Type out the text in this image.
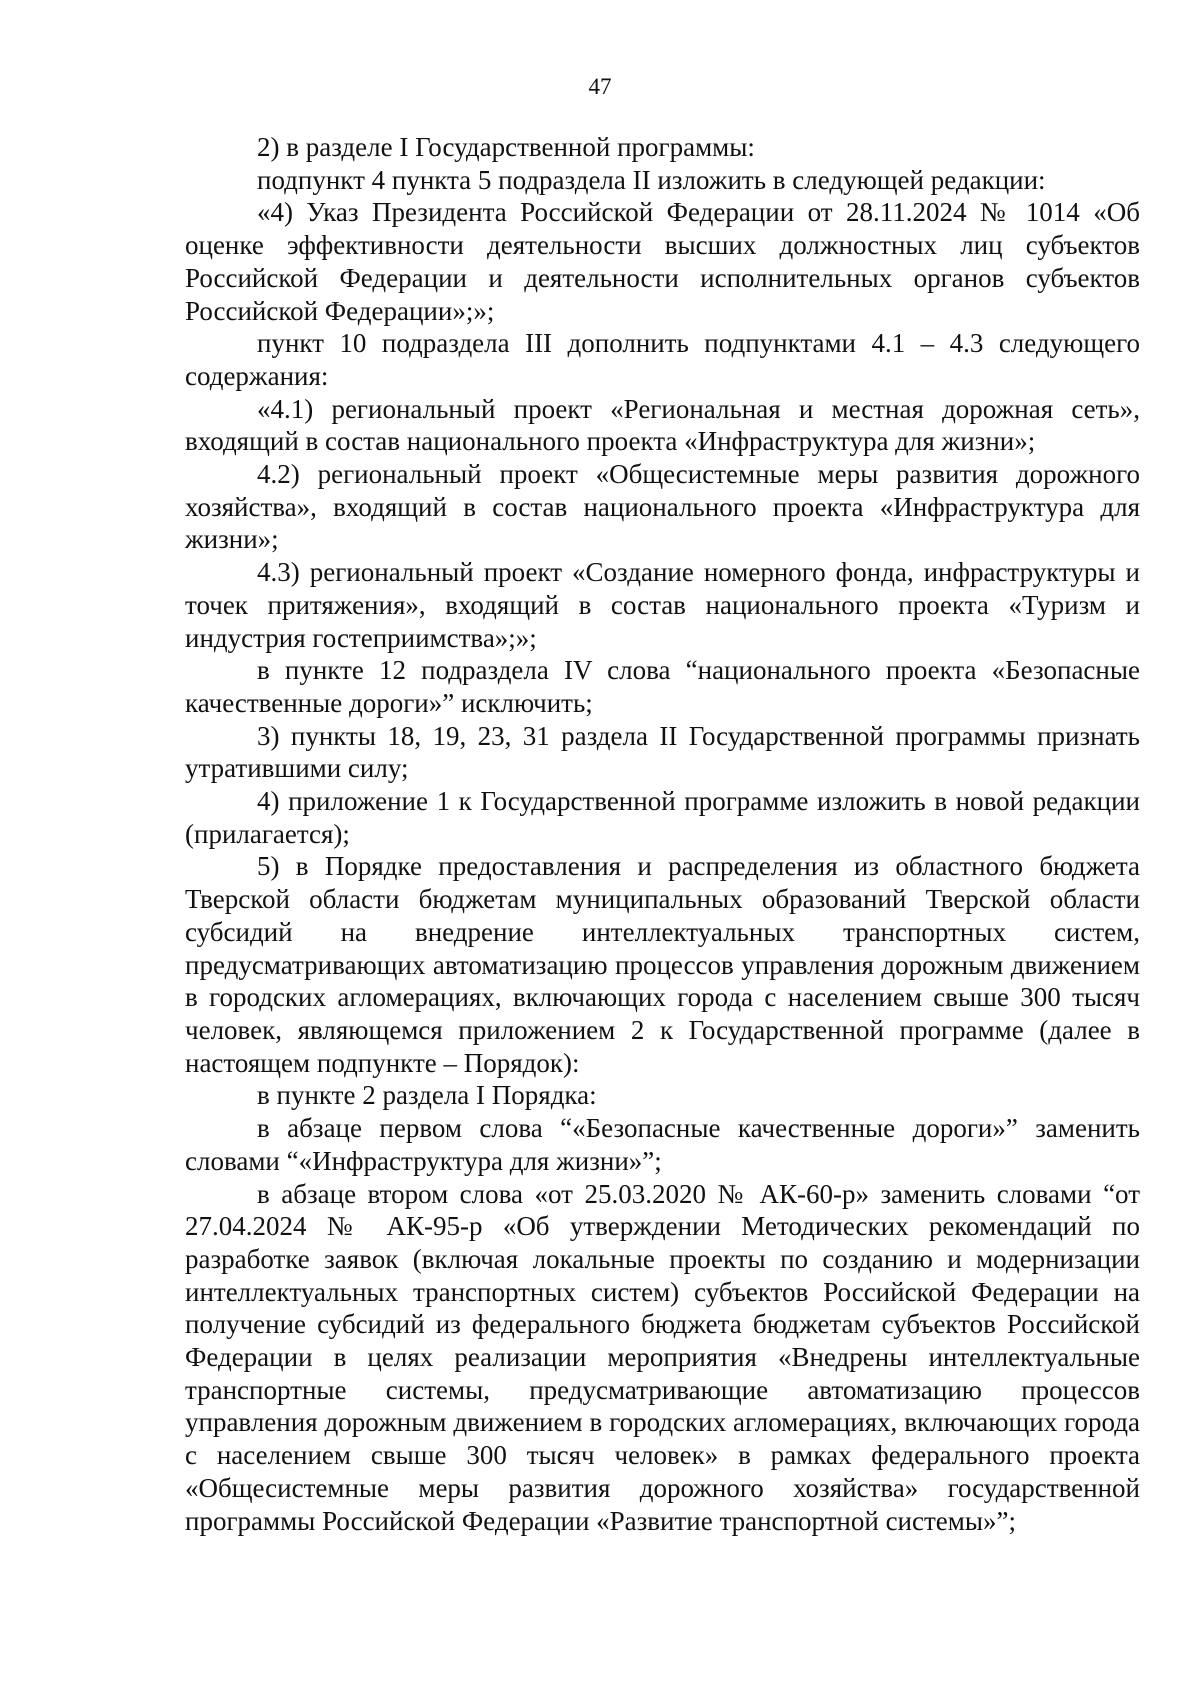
47

2) в разделе I Государственной программы:

подпункт 4 пункта 5 подраздела II изложить в следующей редакции:

«4) Указ Президента Российской Федерации от 28.11.2024 № 1014 «Об оценке эффективности деятельности высших должностных лиц субъектов Российской Федерации и деятельности исполнительных органов субъектов Российской Федерации»;»;

пункт 10 подраздела III дополнить подпунктами 4.1 – 4.3 следующего содержания:

«4.1) региональный проект «Региональная и местная дорожная сеть», входящий в состав национального проекта «Инфраструктура для жизни»;

4.2) региональный проект «Общесистемные меры развития дорожного хозяйства», входящий в состав национального проекта «Инфраструктура для жизни»;

4.3) региональный проект «Создание номерного фонда, инфраструктуры и точек притяжения», входящий в состав национального проекта «Туризм и индустрия гостеприимства»;»;

в пункте 12 подраздела IV слова “национального проекта «Безопасные качественные дороги»” исключить;

3) пункты 18, 19, 23, 31 раздела II Государственной программы признать утратившими силу;

4) приложение 1 к Государственной программе изложить в новой редакции (прилагается);

5) в Порядке предоставления и распределения из областного бюджета Тверской области бюджетам муниципальных образований Тверской области субсидий на внедрение интеллектуальных транспортных систем, предусматривающих автоматизацию процессов управления дорожным движением в городских агломерациях, включающих города с населением свыше 300 тысяч человек, являющемся приложением 2 к Государственной программе (далее в настоящем подпункте – Порядок):

в пункте 2 раздела I Порядка:

в абзаце первом слова “«Безопасные качественные дороги»” заменить словами “«Инфраструктура для жизни»”;

в абзаце втором слова «от 25.03.2020 № АК-60-р» заменить словами “от 27.04.2024 № АК-95-р «Об утверждении Методических рекомендаций по разработке заявок (включая локальные проекты по созданию и модернизации интеллектуальных транспортных систем) субъектов Российской Федерации на получение субсидий из федерального бюджета бюджетам субъектов Российской Федерации в целях реализации мероприятия «Внедрены интеллектуальные транспортные системы, предусматривающие автоматизацию процессов управления дорожным движением в городских агломерациях, включающих города с населением свыше 300 тысяч человек» в рамках федерального проекта «Общесистемные меры развития дорожного хозяйства» государственной программы Российской Федерации «Развитие транспортной системы»”;
